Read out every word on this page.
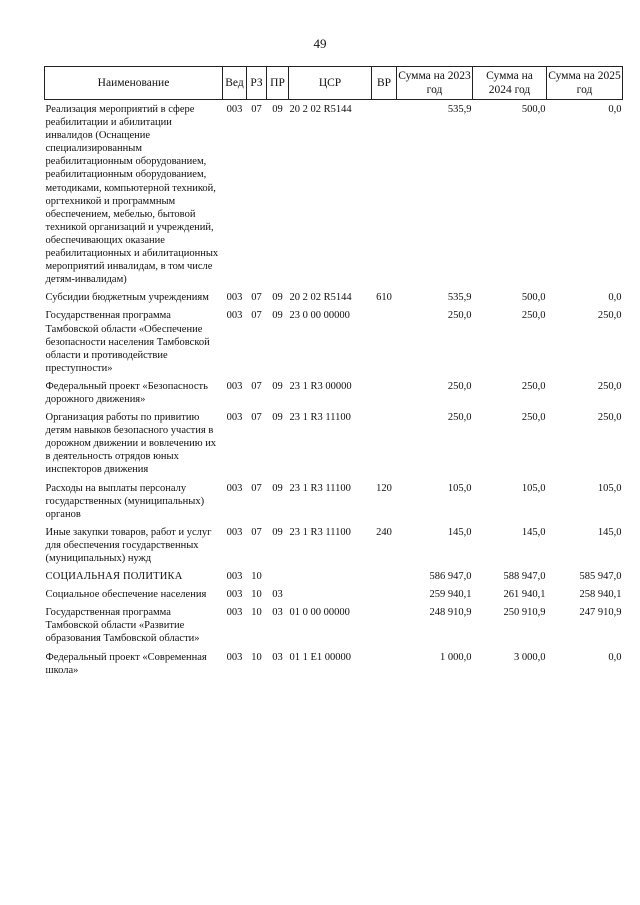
49
Наименование	Вед	РЗ	ПР	ЦСР	ВР	Сумма на 2023 год	Сумма на 2024 год	Сумма на 2025 год
Реализация мероприятий в сфере реабилитации и абилитации инвалидов (Оснащение специализированным реабилитационным оборудованием, реабилитационным оборудованием, методиками, компьютерной техникой, оргтехникой и программным обеспечением, мебелью, бытовой техникой организаций и учреждений, обеспечивающих оказание реабилитационных и абилитационных мероприятий инвалидам, в том числе детям-инвалидам)	003	07	09	20 2 02 R5144		535,9	500,0	0,0
Субсидии бюджетным учреждениям	003	07	09	20 2 02 R5144	610	535,9	500,0	0,0
Государственная программа Тамбовской области «Обеспечение безопасности населения Тамбовской области и противодействие преступности»	003	07	09	23 0 00 00000		250,0	250,0	250,0
Федеральный проект «Безопасность дорожного движения»	003	07	09	23 1 R3 00000		250,0	250,0	250,0
Организация работы по привитию детям навыков безопасного участия в дорожном движении и вовлечению их в деятельность отрядов юных инспекторов движения	003	07	09	23 1 R3 11100		250,0	250,0	250,0
Расходы на выплаты персоналу государственных (муниципальных) органов	003	07	09	23 1 R3 11100	120	105,0	105,0	105,0
Иные закупки товаров, работ и услуг для обеспечения государственных (муниципальных) нужд	003	07	09	23 1 R3 11100	240	145,0	145,0	145,0
СОЦИАЛЬНАЯ ПОЛИТИКА	003	10				586 947,0	588 947,0	585 947,0
Социальное обеспечение населения	003	10	03			259 940,1	261 940,1	258 940,1
Государственная программа Тамбовской области «Развитие образования Тамбовской области»	003	10	03	01 0 00 00000		248 910,9	250 910,9	247 910,9
Федеральный проект «Современная школа»	003	10	03	01 1 E1 00000		1 000,0	3 000,0	0,0
